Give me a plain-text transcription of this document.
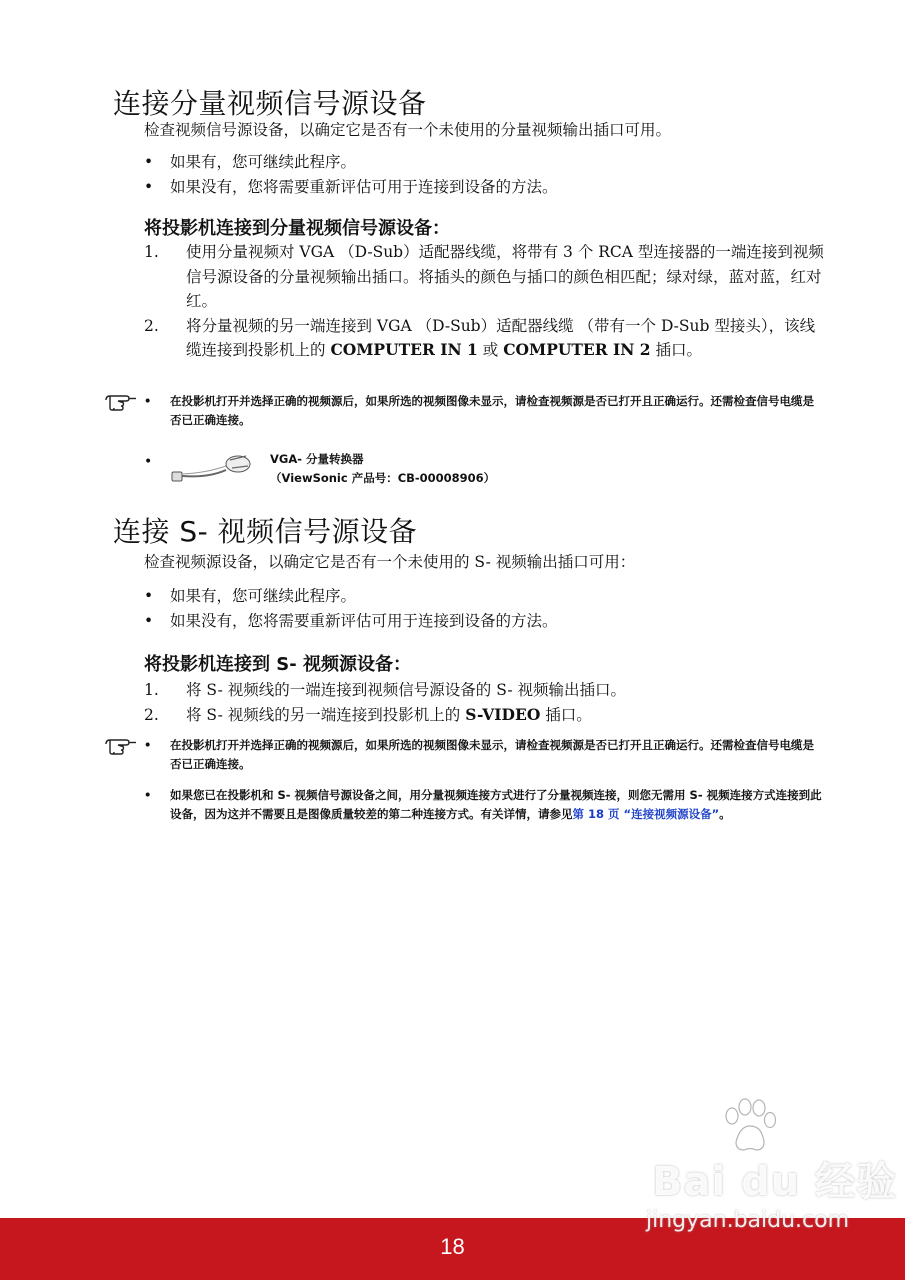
连接分量视频信号源设备
检查视频信号源设备，以确定它是否有一个未使用的分量视频输出插口可用。
• 如果有，您可继续此程序。
• 如果没有，您将需要重新评估可用于连接到设备的方法。
将投影机连接到分量视频信号源设备：
1. 使用分量视频对 VGA （D-Sub）适配器线缆，将带有 3 个 RCA 型连接器的一端连接到视频信号源设备的分量视频输出插口。将插头的颜色与插口的颜色相匹配；绿对绿，蓝对蓝，红对红。
2. 将分量视频的另一端连接到 VGA （D-Sub）适配器线缆 （带有一个 D-Sub 型接头），该线缆连接到投影机上的 COMPUTER IN 1 或 COMPUTER IN 2 插口。
• 在投影机打开并选择正确的视频源后，如果所选的视频图像未显示，请检查视频源是否已打开且正确运行。还需检查信号电缆是否已正确连接。
•	VGA- 分量转换器
（ViewSonic 产品号：CB-00008906）
连接 S- 视频信号源设备
检查视频源设备，以确定它是否有一个未使用的 S- 视频输出插口可用：
• 如果有，您可继续此程序。
• 如果没有，您将需要重新评估可用于连接到设备的方法。
将投影机连接到 S- 视频源设备：
1. 将 S- 视频线的一端连接到视频信号源设备的 S- 视频输出插口。
2. 将 S- 视频线的另一端连接到投影机上的 S-VIDEO 插口。
• 在投影机打开并选择正确的视频源后，如果所选的视频图像未显示，请检查视频源是否已打开且正确运行。还需检查信号电缆是否已正确连接。
• 如果您已在投影机和 S- 视频信号源设备之间，用分量视频连接方式进行了分量视频连接，则您无需用 S- 视频连接方式连接到此设备，因为这并不需要且是图像质量较差的第二种连接方式。有关详情，请参见第 18 页 “连接视频源设备”。
18
Bai du 经验
jingyan.baidu.com
